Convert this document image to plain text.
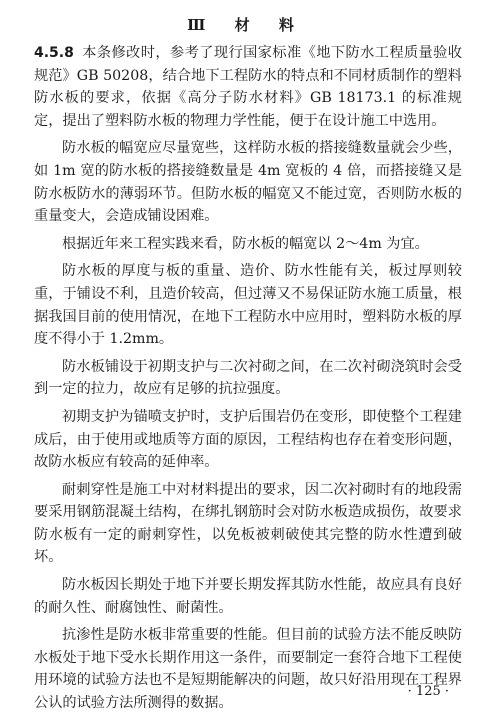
Ⅲ 材 料

4.5.8 本条修改时，参考了现行国家标准《地下防水工程质量验收规范》GB 50208，结合地下工程防水的特点和不同材质制作的塑料防水板的要求，依据《高分子防水材料》GB 18173.1 的标准规定，提出了塑料防水板的物理力学性能，便于在设计施工中选用。

防水板的幅宽应尽量宽些，这样防水板的搭接缝数量就会少些，如 1m 宽的防水板的搭接缝数量是 4m 宽板的 4 倍，而搭接缝又是防水板防水的薄弱环节。但防水板的幅宽又不能过宽，否则防水板的重量变大，会造成铺设困难。

根据近年来工程实践来看，防水板的幅宽以 2～4m 为宜。

防水板的厚度与板的重量、造价、防水性能有关，板过厚则较重，于铺设不利，且造价较高，但过薄又不易保证防水施工质量，根据我国目前的使用情况，在地下工程防水中应用时，塑料防水板的厚度不得小于 1.2mm。

防水板铺设于初期支护与二次衬砌之间，在二次衬砌浇筑时会受到一定的拉力，故应有足够的抗拉强度。

初期支护为锚喷支护时，支护后围岩仍在变形，即使整个工程建成后，由于使用或地质等方面的原因，工程结构也存在着变形问题，故防水板应有较高的延伸率。

耐刺穿性是施工中对材料提出的要求，因二次衬砌时有的地段需要采用钢筋混凝土结构，在绑扎钢筋时会对防水板造成损伤，故要求防水板有一定的耐刺穿性，以免板被刺破使其完整的防水性遭到破坏。

防水板因长期处于地下并要长期发挥其防水性能，故应具有良好的耐久性、耐腐蚀性、耐菌性。

抗渗性是防水板非常重要的性能。但目前的试验方法不能反映防水板处于地下受水长期作用这一条件，而要制定一套符合地下工程使用环境的试验方法也不是短期能解决的问题，故只好沿用现在工程界公认的试验方法所测得的数据。

· 125 ·
